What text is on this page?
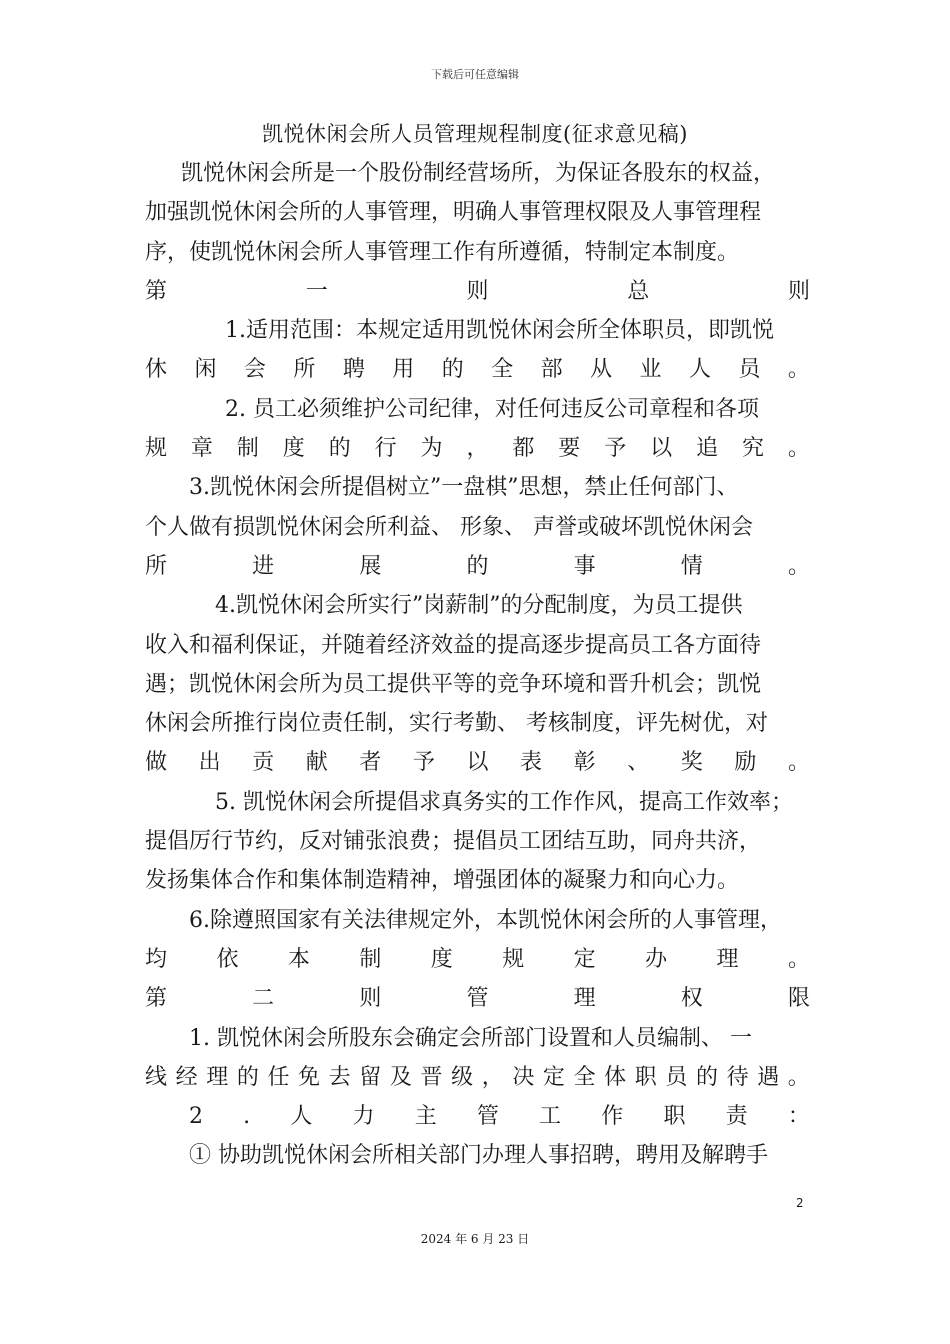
下载后可任意编辑
凯悦休闲会所人员管理规程制度(征求意见稿)
凯悦休闲会所是一个股份制经营场所，为保证各股东的权益，
加强凯悦休闲会所的人事管理，明确人事管理权限及人事管理程
序，使凯悦休闲会所人事管理工作有所遵循，特制定本制度。
第	一	则	总	则
1.适用范围：本规定适用凯悦休闲会所全体职员，即凯悦
休 闲 会 所 聘 用 的 全 部 从 业 人 员 。
2. 员工必须维护公司纪律，对任何违反公司章程和各项
规 章 制 度 的 行 为 ， 都 要 予 以 追 究 。
3.凯悦休闲会所提倡树立”一盘棋”思想，禁止任何部门、
个人做有损凯悦休闲会所利益、 形象、 声誉或破坏凯悦休闲会
所	进	展	的	事	情	。
4.凯悦休闲会所实行”岗薪制”的分配制度，为员工提供
收入和福利保证，并随着经济效益的提高逐步提高员工各方面待
遇；凯悦休闲会所为员工提供平等的竞争环境和晋升机会；凯悦
休闲会所推行岗位责任制，实行考勤、 考核制度，评先树优，对
做 出 贡 献 者 予 以 表 彰 、 奖 励 。
5. 凯悦休闲会所提倡求真务实的工作作风，提高工作效率；
提倡厉行节约，反对铺张浪费；提倡员工团结互助，同舟共济，
发扬集体合作和集体制造精神，增强团体的凝聚力和向心力。
6.除遵照国家有关法律规定外，本凯悦休闲会所的人事管理，
均 依 本 制 度 规 定 办 理 。
第	二	则	管	理	权	限
1. 凯悦休闲会所股东会确定会所部门设置和人员编制、 一
线 经 理 的 任 免 去 留 及 晋 级 ， 决 定 全 体 职 员 的 待 遇 。
2 . 人 力 主 管 工 作 职 责 ：
① 协助凯悦休闲会所相关部门办理人事招聘，聘用及解聘手
2
2024 年 6 月 23 日
